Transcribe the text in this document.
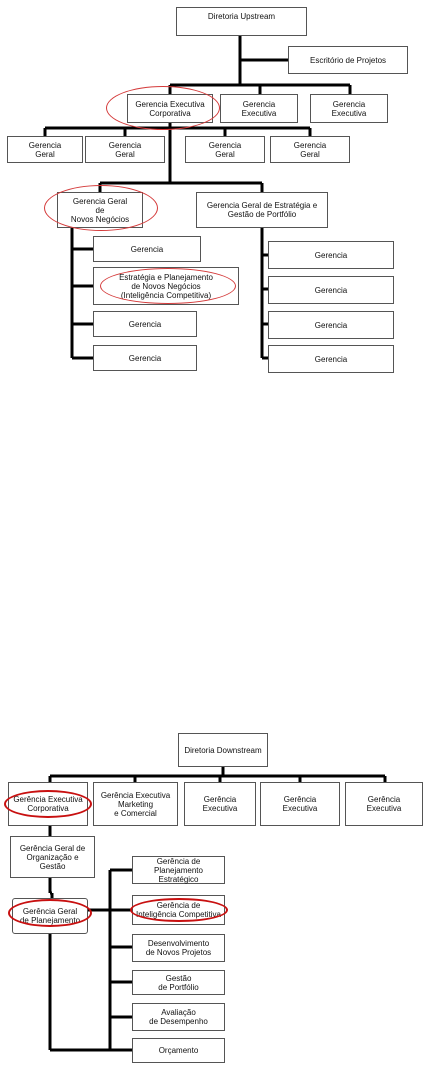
Diretoria Upstream
Escritório de Projetos
Gerencia Executiva
Corporativa
Gerencia
Executiva
Gerencia
Executiva
Gerencia
Geral
Gerencia
Geral
Gerencia
Geral
Gerencia
Geral
Gerencia Geral
de
Novos Negócios
Gerencia Geral de Estratégia e
Gestão de Portfólio
Gerencia
Estratégia e Planejamento
de Novos Negócios
(Inteligência Competitiva)
Gerencia
Gerencia
Gerencia
Gerencia
Gerencia
Gerencia
Diretoria Downstream
Gerência Executiva
Corporativa
Gerência Executiva
Marketing
e Comercial
Gerência
Executiva
Gerência
Executiva
Gerência
Executiva
Gerência Geral de
Organização e Gestão
Gerência Geral
de Planejamento
Gerência de
Planejamento Estratégico
Gerência de
Inteligência Competitiva
Desenvolvimento
de Novos Projetos
Gestão
de Portfólio
Avaliação
de Desempenho
Orçamento
